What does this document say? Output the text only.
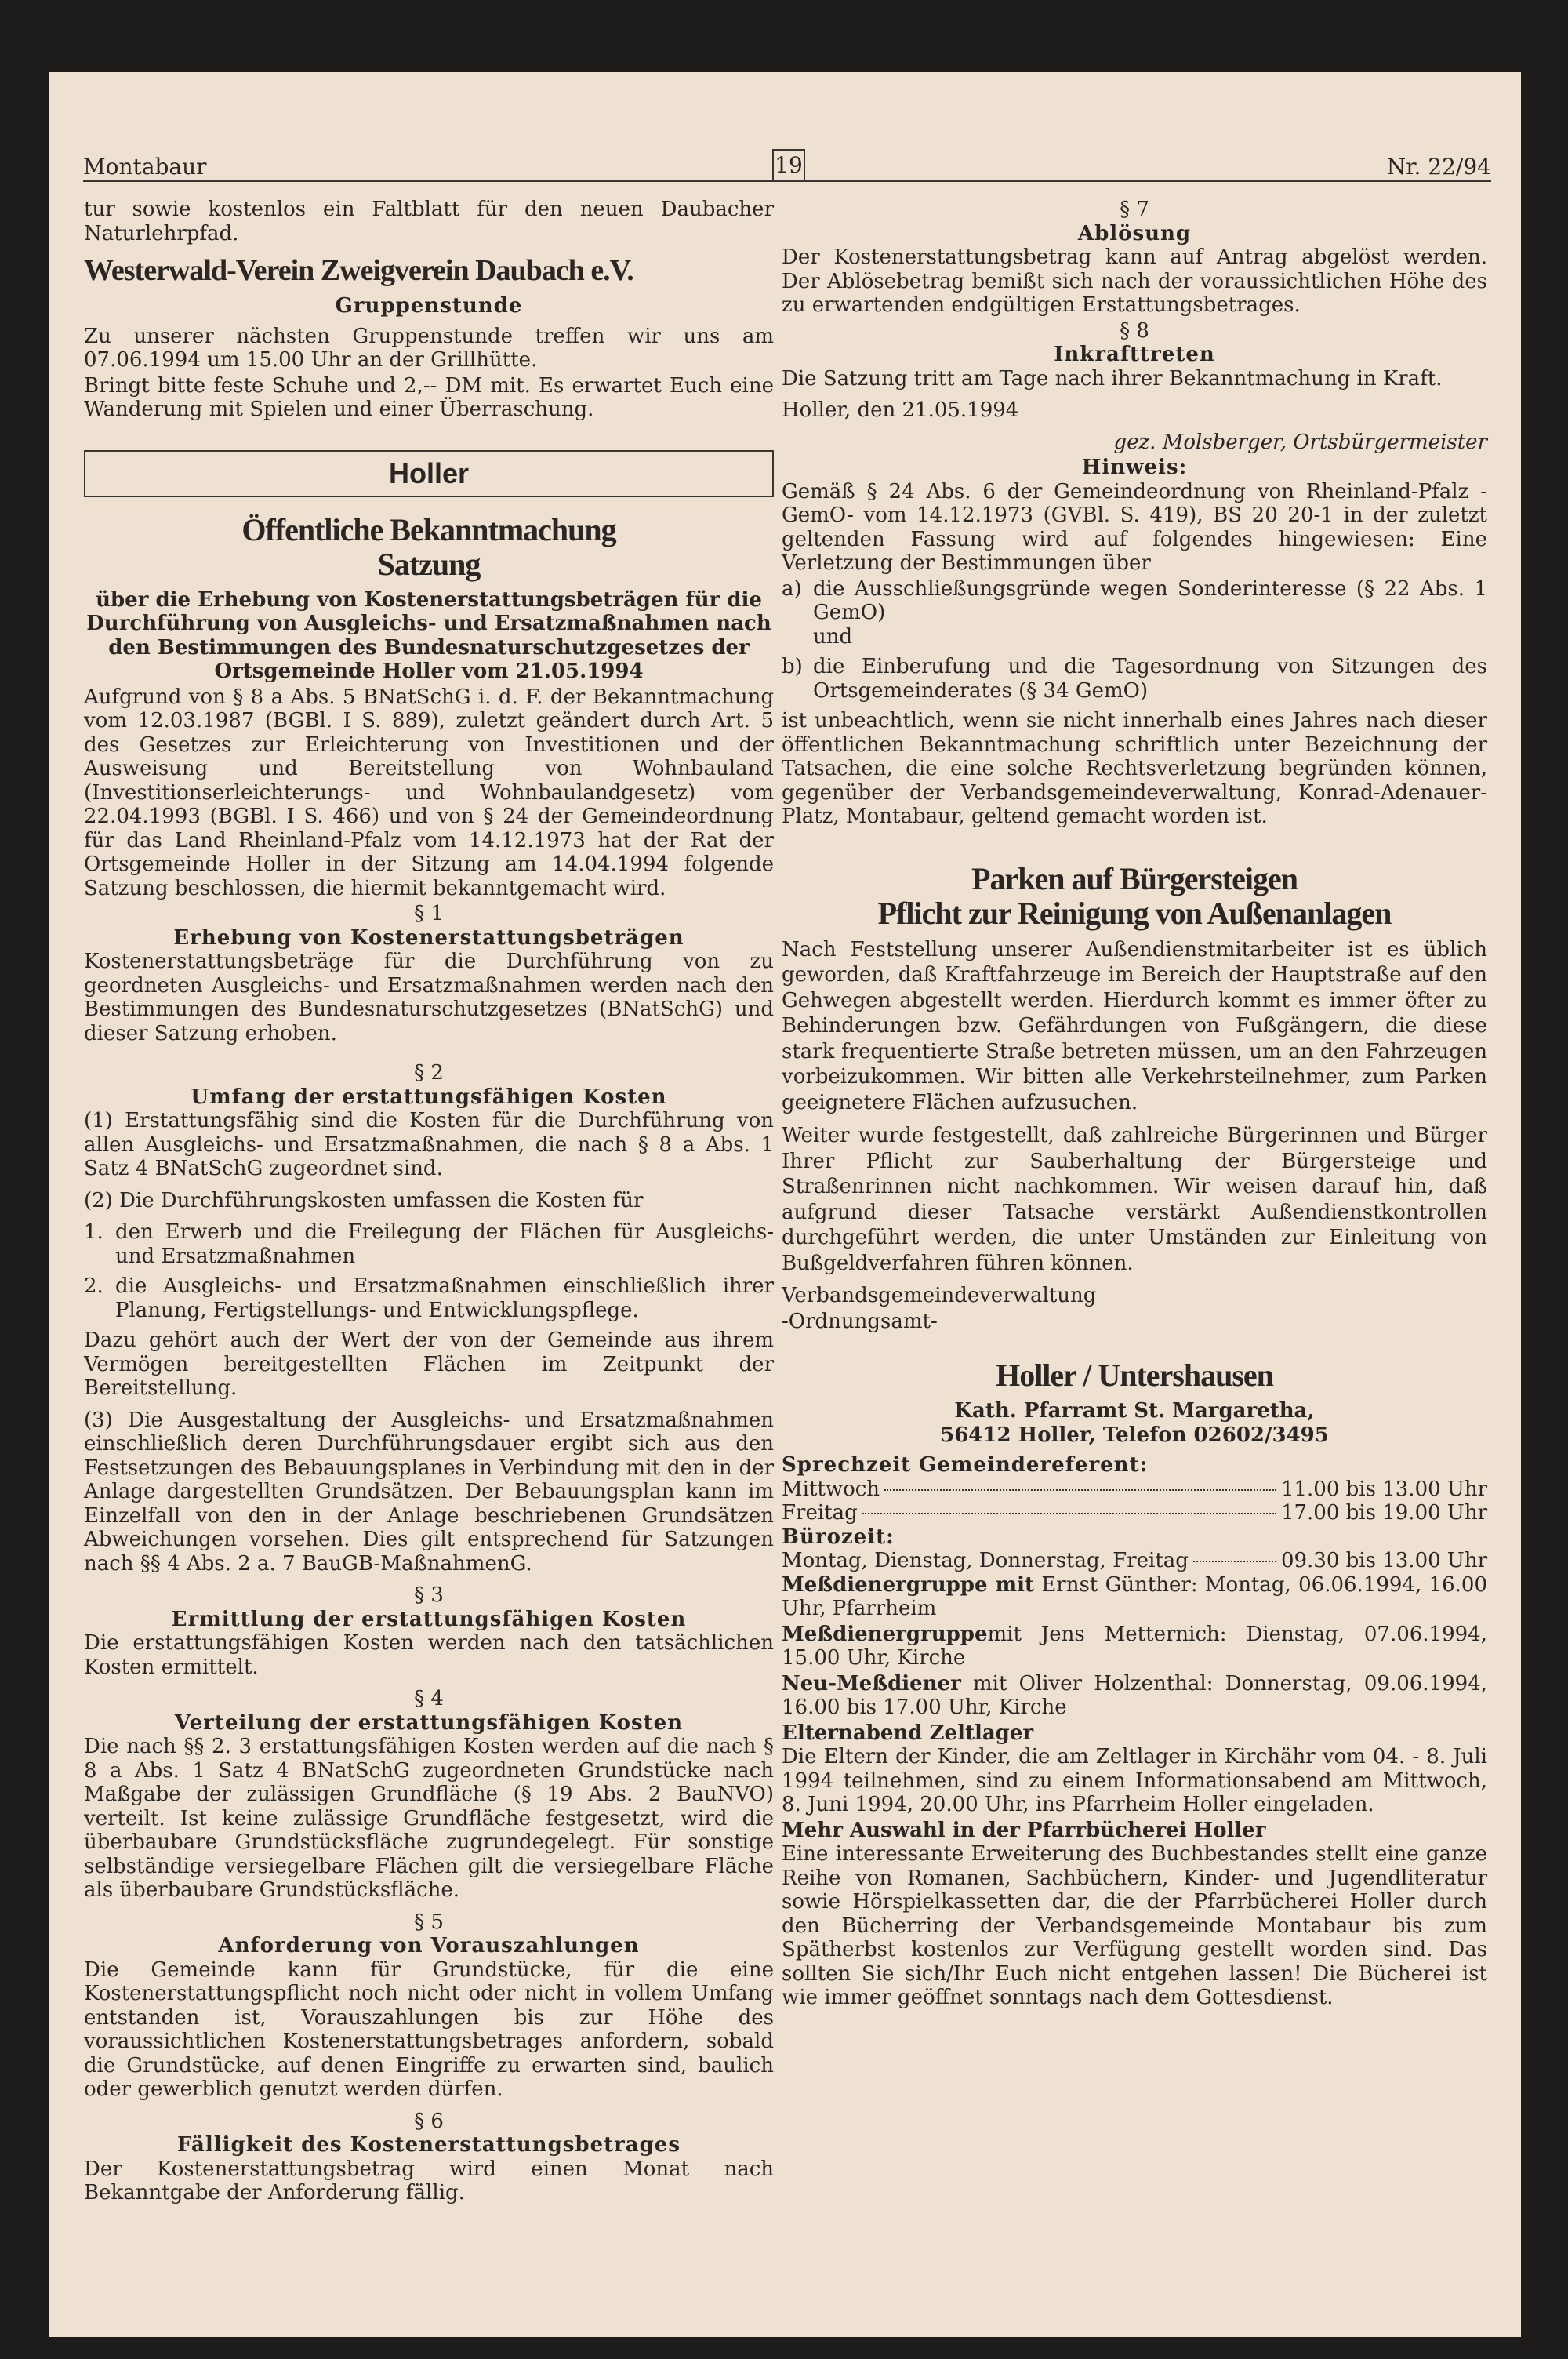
Montabaur	19	Nr. 22/94

tur sowie kostenlos ein Faltblatt für den neuen Daubacher Naturlehrpfad.

Westerwald-Verein Zweigverein Daubach e.V.
Gruppenstunde

Zu unserer nächsten Gruppenstunde treffen wir uns am 07.06.1994 um 15.00 Uhr an der Grillhütte.

Bringt bitte feste Schuhe und 2,-- DM mit. Es erwartet Euch eine Wanderung mit Spielen und einer Überraschung.

Holler
Öffentliche Bekanntmachung
Satzung

über die Erhebung von Kostenerstattungsbeträgen für die Durchführung von Ausgleichs- und Ersatzmaßnahmen nach den Bestimmungen des Bundesnaturschutzgesetzes der Ortsgemeinde Holler vom 21.05.1994

Aufgrund von § 8 a Abs. 5 BNatSchG i. d. F. der Bekanntmachung vom 12.03.1987 (BGBl. I S. 889), zuletzt geändert durch Art. 5 des Gesetzes zur Erleichterung von Investitionen und der Ausweisung und Bereitstellung von Wohnbauland (Investitionserleichterungs- und Wohnbaulandgesetz) vom 22.04.1993 (BGBl. I S. 466) und von § 24 der Gemeindeordnung für das Land Rheinland-Pfalz vom 14.12.1973 hat der Rat der Ortsgemeinde Holler in der Sitzung am 14.04.1994 folgende Satzung beschlossen, die hiermit bekanntgemacht wird.

§ 1
Erhebung von Kostenerstattungsbeträgen

Kostenerstattungsbeträge für die Durchführung von zu geordneten Ausgleichs- und Ersatzmaßnahmen werden nach den Bestimmungen des Bundesnaturschutzgesetzes (BNatSchG) und dieser Satzung erhoben.

§ 2
Umfang der erstattungsfähigen Kosten

(1) Erstattungsfähig sind die Kosten für die Durchführung von allen Ausgleichs- und Ersatzmaßnahmen, die nach § 8 a Abs. 1 Satz 4 BNatSchG zugeordnet sind.

(2) Die Durchführungskosten umfassen die Kosten für

1. den Erwerb und die Freilegung der Flächen für Ausgleichs- und Ersatzmaßnahmen
2. die Ausgleichs- und Ersatzmaßnahmen einschließlich ihrer Planung, Fertigstellungs- und Entwicklungspflege.

Dazu gehört auch der Wert der von der Gemeinde aus ihrem Vermögen bereitgestellten Flächen im Zeitpunkt der Bereitstellung.

(3) Die Ausgestaltung der Ausgleichs- und Ersatzmaßnahmen einschließlich deren Durchführungsdauer ergibt sich aus den Festsetzungen des Bebauungsplanes in Verbindung mit den in der Anlage dargestellten Grundsätzen. Der Bebauungsplan kann im Einzelfall von den in der Anlage beschriebenen Grundsätzen Abweichungen vorsehen. Dies gilt entsprechend für Satzungen nach §§ 4 Abs. 2 a. 7 BauGB-MaßnahmenG.

§ 3
Ermittlung der erstattungsfähigen Kosten

Die erstattungsfähigen Kosten werden nach den tatsächlichen Kosten ermittelt.

§ 4
Verteilung der erstattungsfähigen Kosten

Die nach §§ 2. 3 erstattungsfähigen Kosten werden auf die nach § 8 a Abs. 1 Satz 4 BNatSchG zugeordneten Grundstücke nach Maßgabe der zulässigen Grundfläche (§ 19 Abs. 2 BauNVO) verteilt. Ist keine zulässige Grundfläche festgesetzt, wird die überbaubare Grundstücksfläche zugrundegelegt. Für sonstige selbständige versiegelbare Flächen gilt die versiegelbare Fläche als überbaubare Grundstücksfläche.

§ 5
Anforderung von Vorauszahlungen

Die Gemeinde kann für Grundstücke, für die eine Kostenerstattungspflicht noch nicht oder nicht in vollem Umfang entstanden ist, Vorauszahlungen bis zur Höhe des voraussichtlichen Kostenerstattungsbetrages anfordern, sobald die Grundstücke, auf denen Eingriffe zu erwarten sind, baulich oder gewerblich genutzt werden dürfen.

§ 6
Fälligkeit des Kostenerstattungsbetrages

Der Kostenerstattungsbetrag wird einen Monat nach Bekanntgabe der Anforderung fällig.

§ 7
Ablösung

Der Kostenerstattungsbetrag kann auf Antrag abgelöst werden. Der Ablösebetrag bemißt sich nach der voraussichtlichen Höhe des zu erwartenden endgültigen Erstattungsbetrages.

§ 8
Inkrafttreten

Die Satzung tritt am Tage nach ihrer Bekanntmachung in Kraft.

Holler, den 21.05.1994

gez. Molsberger, Ortsbürgermeister

Hinweis:

Gemäß § 24 Abs. 6 der Gemeindeordnung von Rheinland-Pfalz -GemO- vom 14.12.1973 (GVBl. S. 419), BS 20 20-1 in der zuletzt geltenden Fassung wird auf folgendes hingewiesen: Eine Verletzung der Bestimmungen über

a) die Ausschließungsgründe wegen Sonderinteresse (§ 22 Abs. 1 GemO)
und
b) die Einberufung und die Tagesordnung von Sitzungen des Ortsgemeinderates (§ 34 GemO)

ist unbeachtlich, wenn sie nicht innerhalb eines Jahres nach dieser öffentlichen Bekanntmachung schriftlich unter Bezeichnung der Tatsachen, die eine solche Rechtsverletzung begründen können, gegenüber der Verbandsgemeindeverwaltung, Konrad-Adenauer-Platz, Montabaur, geltend gemacht worden ist.

Parken auf Bürgersteigen
Pflicht zur Reinigung von Außenanlagen

Nach Feststellung unserer Außendienstmitarbeiter ist es üblich geworden, daß Kraftfahrzeuge im Bereich der Hauptstraße auf den Gehwegen abgestellt werden. Hierdurch kommt es immer öfter zu Behinderungen bzw. Gefährdungen von Fußgängern, die diese stark frequentierte Straße betreten müssen, um an den Fahrzeugen vorbeizukommen. Wir bitten alle Verkehrsteilnehmer, zum Parken geeignetere Flächen aufzusuchen.

Weiter wurde festgestellt, daß zahlreiche Bürgerinnen und Bürger Ihrer Pflicht zur Sauberhaltung der Bürgersteige und Straßenrinnen nicht nachkommen. Wir weisen darauf hin, daß aufgrund dieser Tatsache verstärkt Außendienstkontrollen durchgeführt werden, die unter Umständen zur Einleitung von Bußgeldverfahren führen können.

Verbandsgemeindeverwaltung

-Ordnungsamt-

Holler / Untershausen
Kath. Pfarramt St. Margaretha,
56412 Holler, Telefon 02602/3495
Sprechzeit Gemeindereferent:
Mittwoch	11.00 bis 13.00 Uhr
Freitag	17.00 bis 19.00 Uhr
Bürozeit:
Montag, Dienstag, Donnerstag, Freitag	09.30 bis 13.00 Uhr

Meßdienergruppe mit Ernst Günther: Montag, 06.06.1994, 16.00 Uhr, Pfarrheim

Meßdienergruppemit Jens Metternich: Dienstag, 07.06.1994, 15.00 Uhr, Kirche

Neu-Meßdiener mit Oliver Holzenthal: Donnerstag, 09.06.1994, 16.00 bis 17.00 Uhr, Kirche

Elternabend Zeltlager

Die Eltern der Kinder, die am Zeltlager in Kirchähr vom 04. - 8. Juli 1994 teilnehmen, sind zu einem Informationsabend am Mittwoch, 8. Juni 1994, 20.00 Uhr, ins Pfarrheim Holler eingeladen.

Mehr Auswahl in der Pfarrbücherei Holler

Eine interessante Erweiterung des Buchbestandes stellt eine ganze Reihe von Romanen, Sachbüchern, Kinder- und Jugendliteratur sowie Hörspielkassetten dar, die der Pfarrbücherei Holler durch den Bücherring der Verbandsgemeinde Montabaur bis zum Spätherbst kostenlos zur Verfügung gestellt worden sind. Das sollten Sie sich/Ihr Euch nicht entgehen lassen! Die Bücherei ist wie immer geöffnet sonntags nach dem Gottesdienst.
